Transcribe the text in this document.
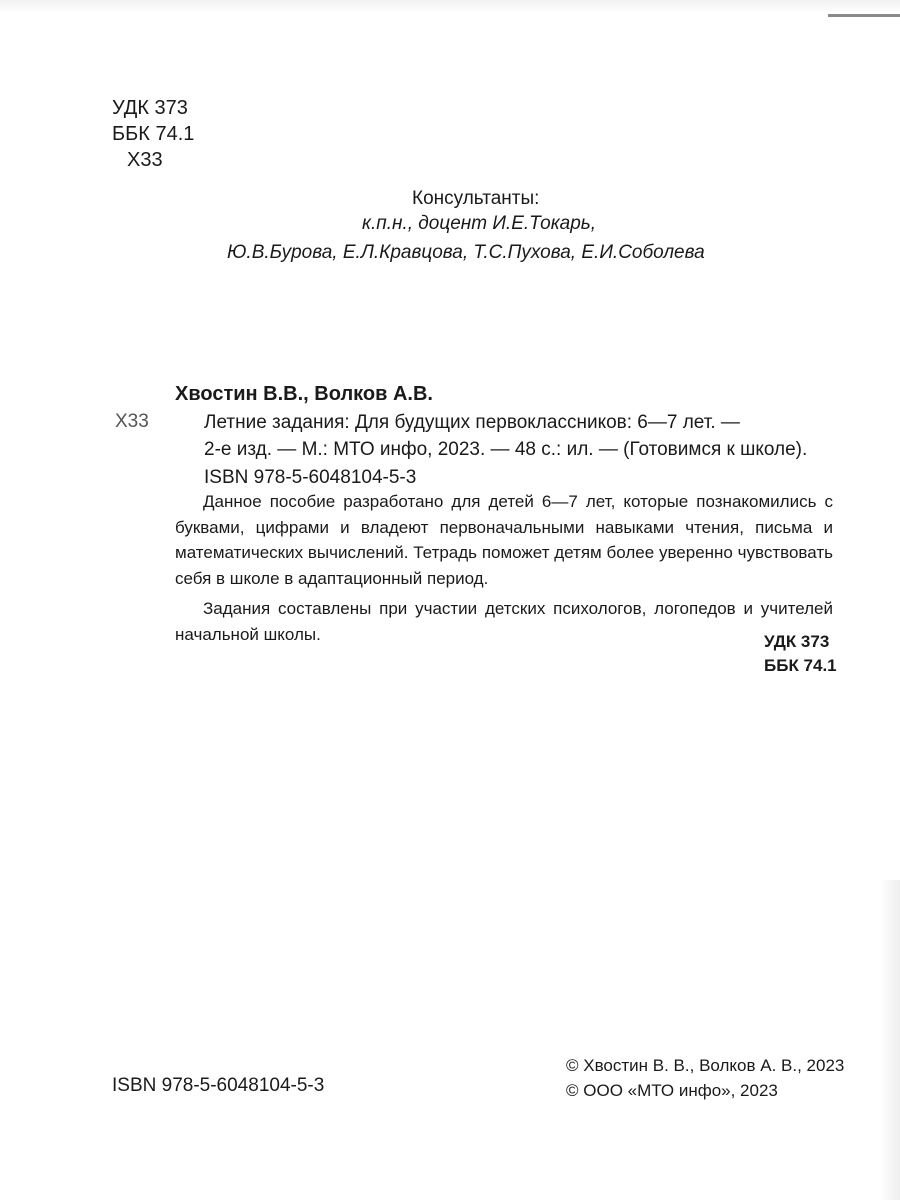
УДК 373
ББК 74.1
Х33
Консультанты:
к.п.н., доцент И.Е.Токарь,
Ю.В.Бурова, Е.Л.Кравцова, Т.С.Пухова, Е.И.Соболева
Хвостин В.В., Волков А.В.
Х33	Летние задания: Для будущих первоклассников: 6—7 лет. —
2-е изд. — М.: МТО инфо, 2023. — 48 с.: ил. — (Готовимся к школе).
ISBN 978-5-6048104-5-3

Данное пособие разработано для детей 6—7 лет, которые познакомились с буквами, цифрами и владеют первоначальными навыками чтения, письма и математических вычислений. Тетрадь поможет детям более уверенно чувствовать себя в школе в адаптационный период.

Задания составлены при участии детских психологов, логопедов и учителей начальной школы.	УДК 373
ББК 74.1
ISBN 978-5-6048104-5-3
© Хвостин В. В., Волков А. В., 2023
© ООО «МТО инфо», 2023
